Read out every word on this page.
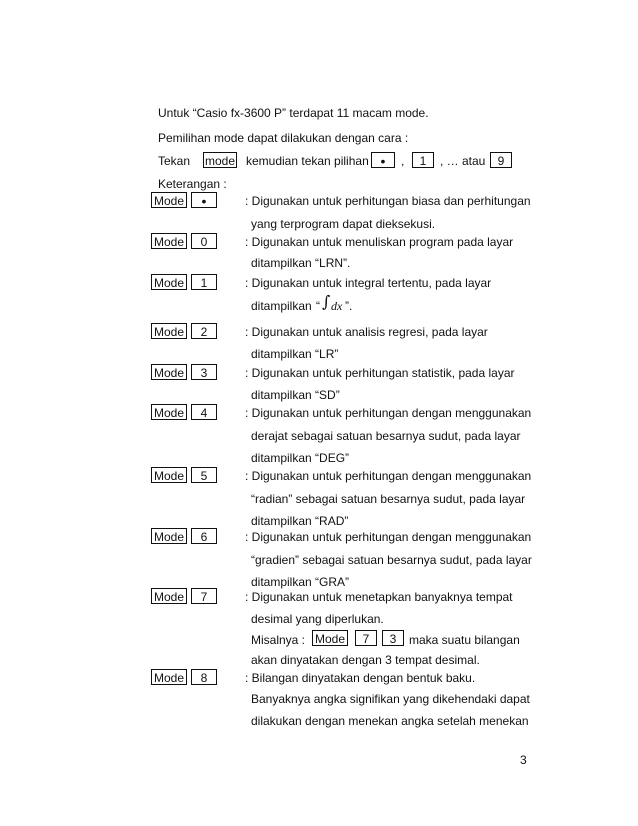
Untuk “Casio fx-3600 P” terdapat 11 macam mode.
Pemilihan mode dapat dilakukan dengan cara :
Tekan mode kemudian tekan pilihan •	,	1	, … atau	9
Keterangan :
Mode	•	: Digunakan untuk perhitungan biasa dan perhitungan
yang terprogram dapat dieksekusi.
Mode	0	: Digunakan untuk menuliskan program pada layar
ditampilkan “LRN”.
Mode	1	: Digunakan untuk integral tertentu, pada layar
ditampilkan “ ∫ dx ”.
Mode	2	: Digunakan untuk analisis regresi, pada layar
ditampilkan “LR”
Mode	3	: Digunakan untuk perhitungan statistik, pada layar
ditampilkan “SD”
Mode	4	: Digunakan untuk perhitungan dengan menggunakan
derajat sebagai satuan besarnya sudut, pada layar
ditampilkan “DEG”
Mode	5	: Digunakan untuk perhitungan dengan menggunakan
“radian” sebagai satuan besarnya sudut, pada layar
ditampilkan “RAD”
Mode	6	: Digunakan untuk perhitungan dengan menggunakan
“gradien” sebagai satuan besarnya sudut, pada layar
ditampilkan “GRA”
Mode	7	: Digunakan untuk menetapkan banyaknya tempat
desimal yang diperlukan.
Misalnya : Mode	7	3	maka suatu bilangan
akan dinyatakan dengan 3 tempat desimal.
Mode	8	: Bilangan dinyatakan dengan bentuk baku.
Banyaknya angka signifikan yang dikehendaki dapat
dilakukan dengan menekan angka setelah menekan
3
